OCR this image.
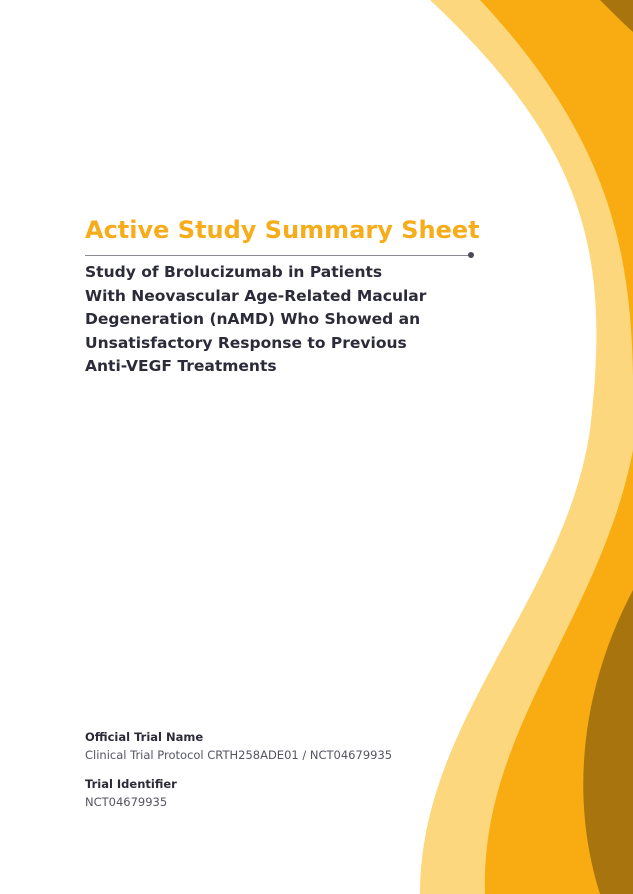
Active Study Summary Sheet
Study of Brolucizumab in Patients
With Neovascular Age-Related Macular
Degeneration (nAMD) Who Showed an
Unsatisfactory Response to Previous
Anti-VEGF Treatments
Official Trial Name
Clinical Trial Protocol CRTH258ADE01 / NCT04679935
Trial Identifier
NCT04679935
